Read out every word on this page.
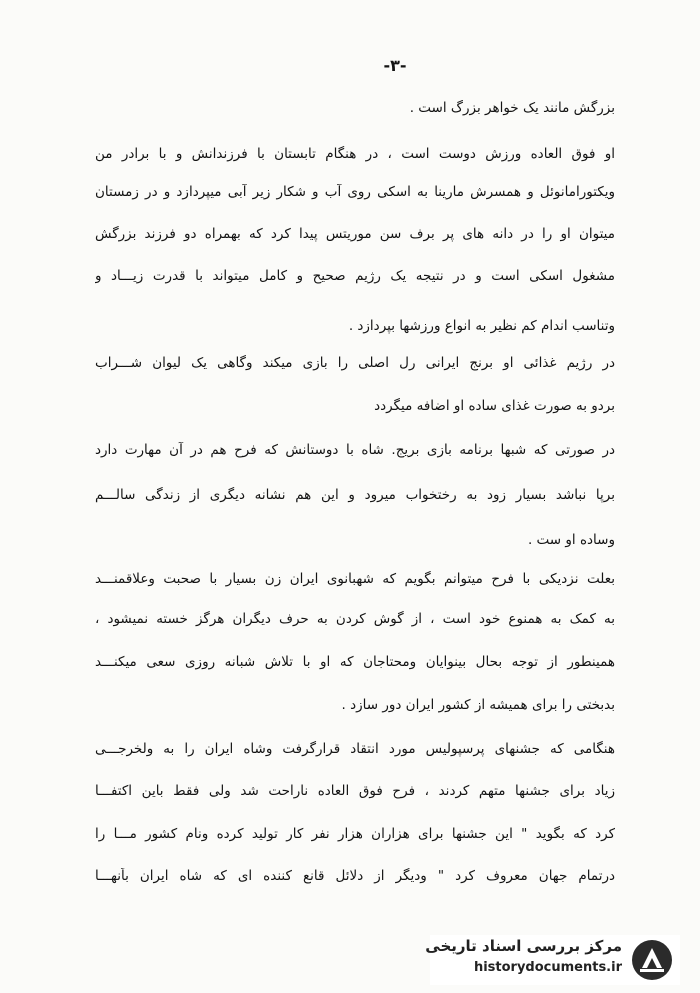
-۳-
بزرگش مانند یک خواهر بزرگ است .
او فوق العاده ورزش دوست است ، در هنگام تابستان با فرزندانش و با برادر من
ویکتورامانوئل و همسرش مارینا به اسکی روی آب و شکار زیر آبی میپردازد و در زمستان
میتوان او را در دانه های پر برف سن موریتس پیدا کرد که بهمراه دو فرزند بزرگش
مشغول اسکی است و در نتیجه یک رژیم صحیح و کامل میتواند با قدرت زیـــاد و
وتناسب اندام کم نظیر به انواع ورزشها بپردازد .
در رژیم غذائی او برنج ایرانی رل اصلی را بازی میکند وگاهی یک لیوان شـــراب
بردو به صورت غذای ساده او اضافه میگردد
در صورتی که شبها برنامه بازی بریج. شاه با دوستانش که فرح هم در آن مهارت دارد
برپا نباشد بسیار زود به رختخواب میرود و این هم نشانه دیگری از زندگی سالـــم
وساده او ست .
بعلت نزدیکی با فرح میتوانم بگویم که شهبانوی ایران زن بسیار با صحبت وعلاقمنـــد
به کمک به همنوع خود است ، از گوش کردن به حرف دیگران هرگز خسته نمیشود ،
همینطور از توجه بحال بینوایان ومحتاجان که او با تلاش شبانه روزی سعی میکنـــد
بدبختی را برای همیشه از کشور ایران دور سازد .
هنگامی که جشنهای پرسپولیس مورد انتقاد قرارگرفت وشاه ایران را به ولخرجـــی
زیاد برای جشنها متهم کردند ، فرح فوق العاده ناراحت شد ولی فقط باین اکتفـــا
کرد که بگوید " این جشنها برای هزاران هزار نفر کار تولید کرده ونام کشور مـــا را
درتمام جهان معروف کرد " ودیگر از دلائل قانع کننده ای که شاه ایران باَنهـــا
مرکز بررسی اسناد تاریخی
historydocuments.ir
